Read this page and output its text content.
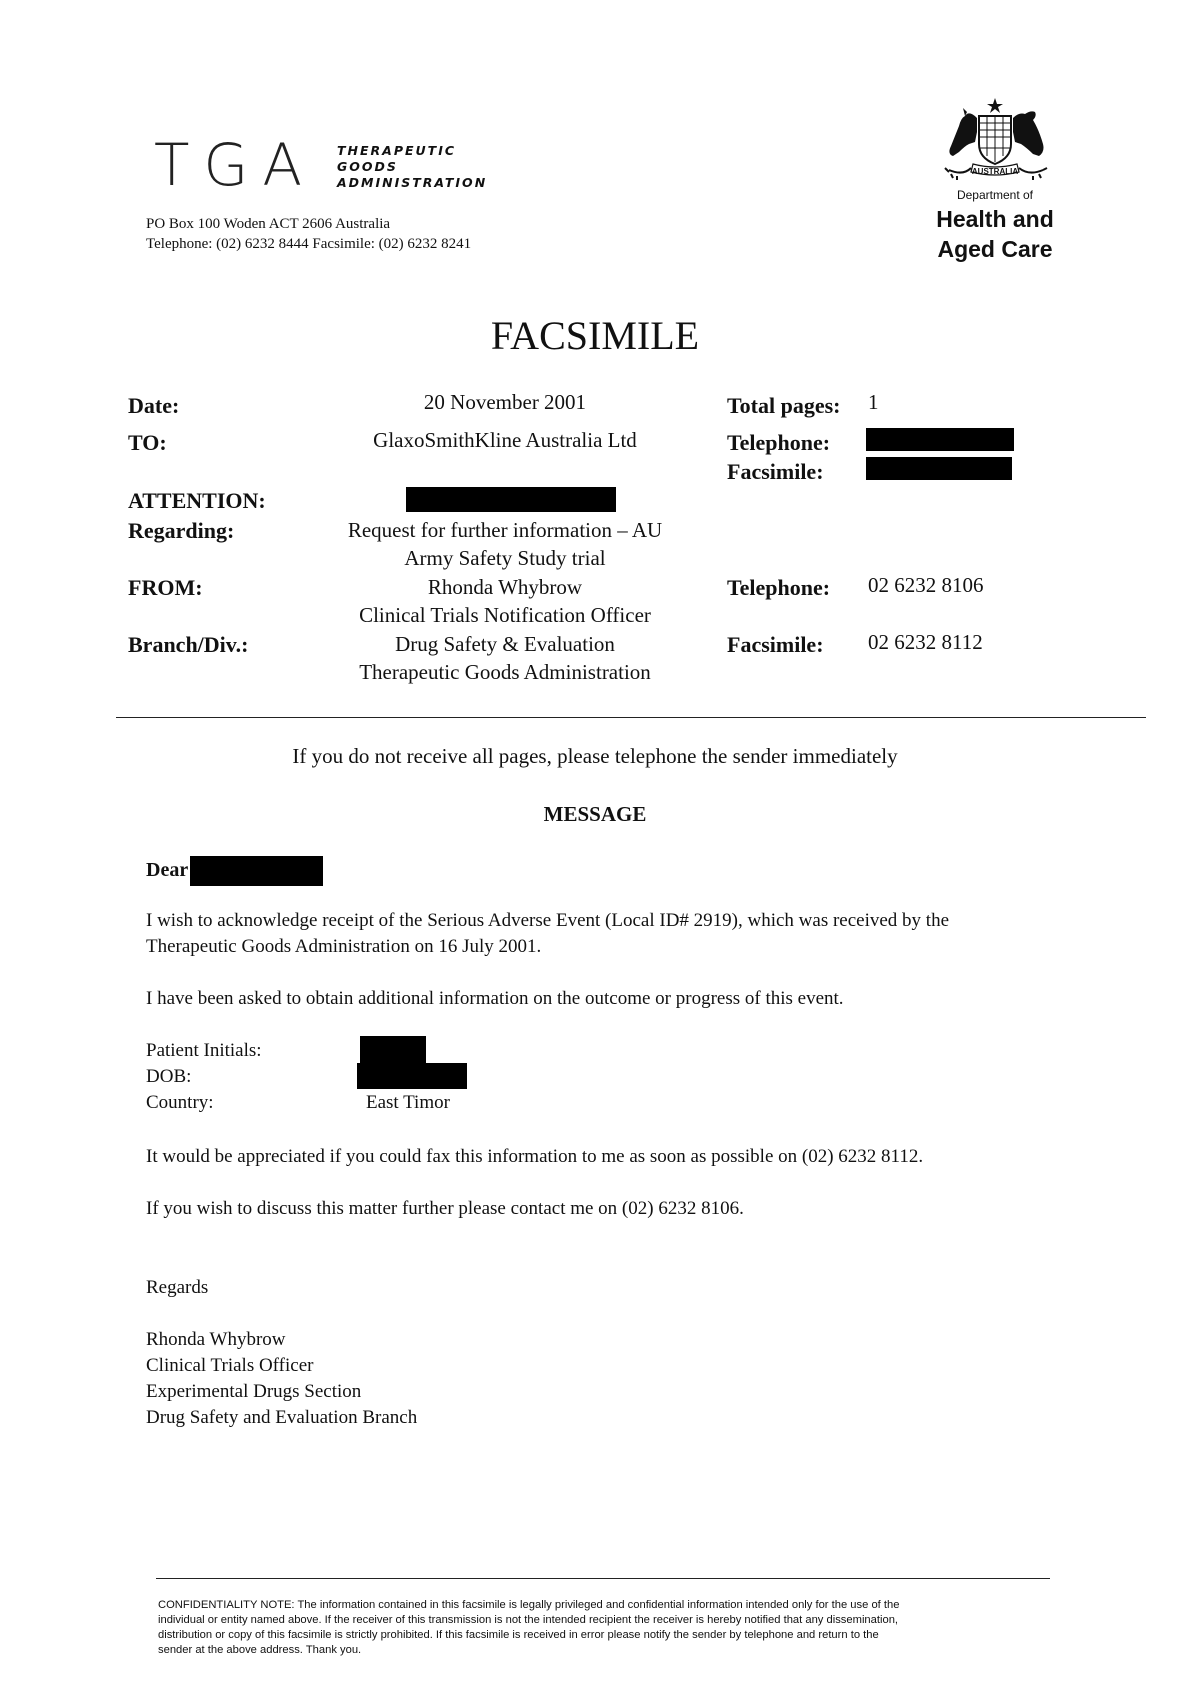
TGA THERAPEUTIC
GOODS
ADMINISTRATION
PO Box 100 Woden ACT 2606 Australia
Telephone: (02) 6232 8444 Facsimile: (02) 6232 8241
AUSTRALIA
Department of
Health and
Aged Care
FACSIMILE
Date:	20 November 2001	Total pages: 1
TO:	GlaxoSmithKline Australia Ltd	Telephone:
Facsimile:
ATTENTION:
Regarding:	Request for further information – AU
Army Safety Study trial
FROM:	Rhonda Whybrow
Clinical Trials Notification Officer
Telephone: 02 6232 8106
Branch/Div.:	Drug Safety & Evaluation
Therapeutic Goods Administration
Facsimile: 02 6232 8112
If you do not receive all pages, please telephone the sender immediately
MESSAGE
Dear
I wish to acknowledge receipt of the Serious Adverse Event (Local ID# 2919), which was received by the
Therapeutic Goods Administration on 16 July 2001.
I have been asked to obtain additional information on the outcome or progress of this event.
Patient Initials:
DOB:
Country:	East Timor
It would be appreciated if you could fax this information to me as soon as possible on (02) 6232 8112.
If you wish to discuss this matter further please contact me on (02) 6232 8106.
Regards
Rhonda Whybrow
Clinical Trials Officer
Experimental Drugs Section
Drug Safety and Evaluation Branch
CONFIDENTIALITY NOTE: The information contained in this facsimile is legally privileged and confidential information intended only for the use of the
individual or entity named above. If the receiver of this transmission is not the intended recipient the receiver is hereby notified that any dissemination,
distribution or copy of this facsimile is strictly prohibited. If this facsimile is received in error please notify the sender by telephone and return to the
sender at the above address. Thank you.
